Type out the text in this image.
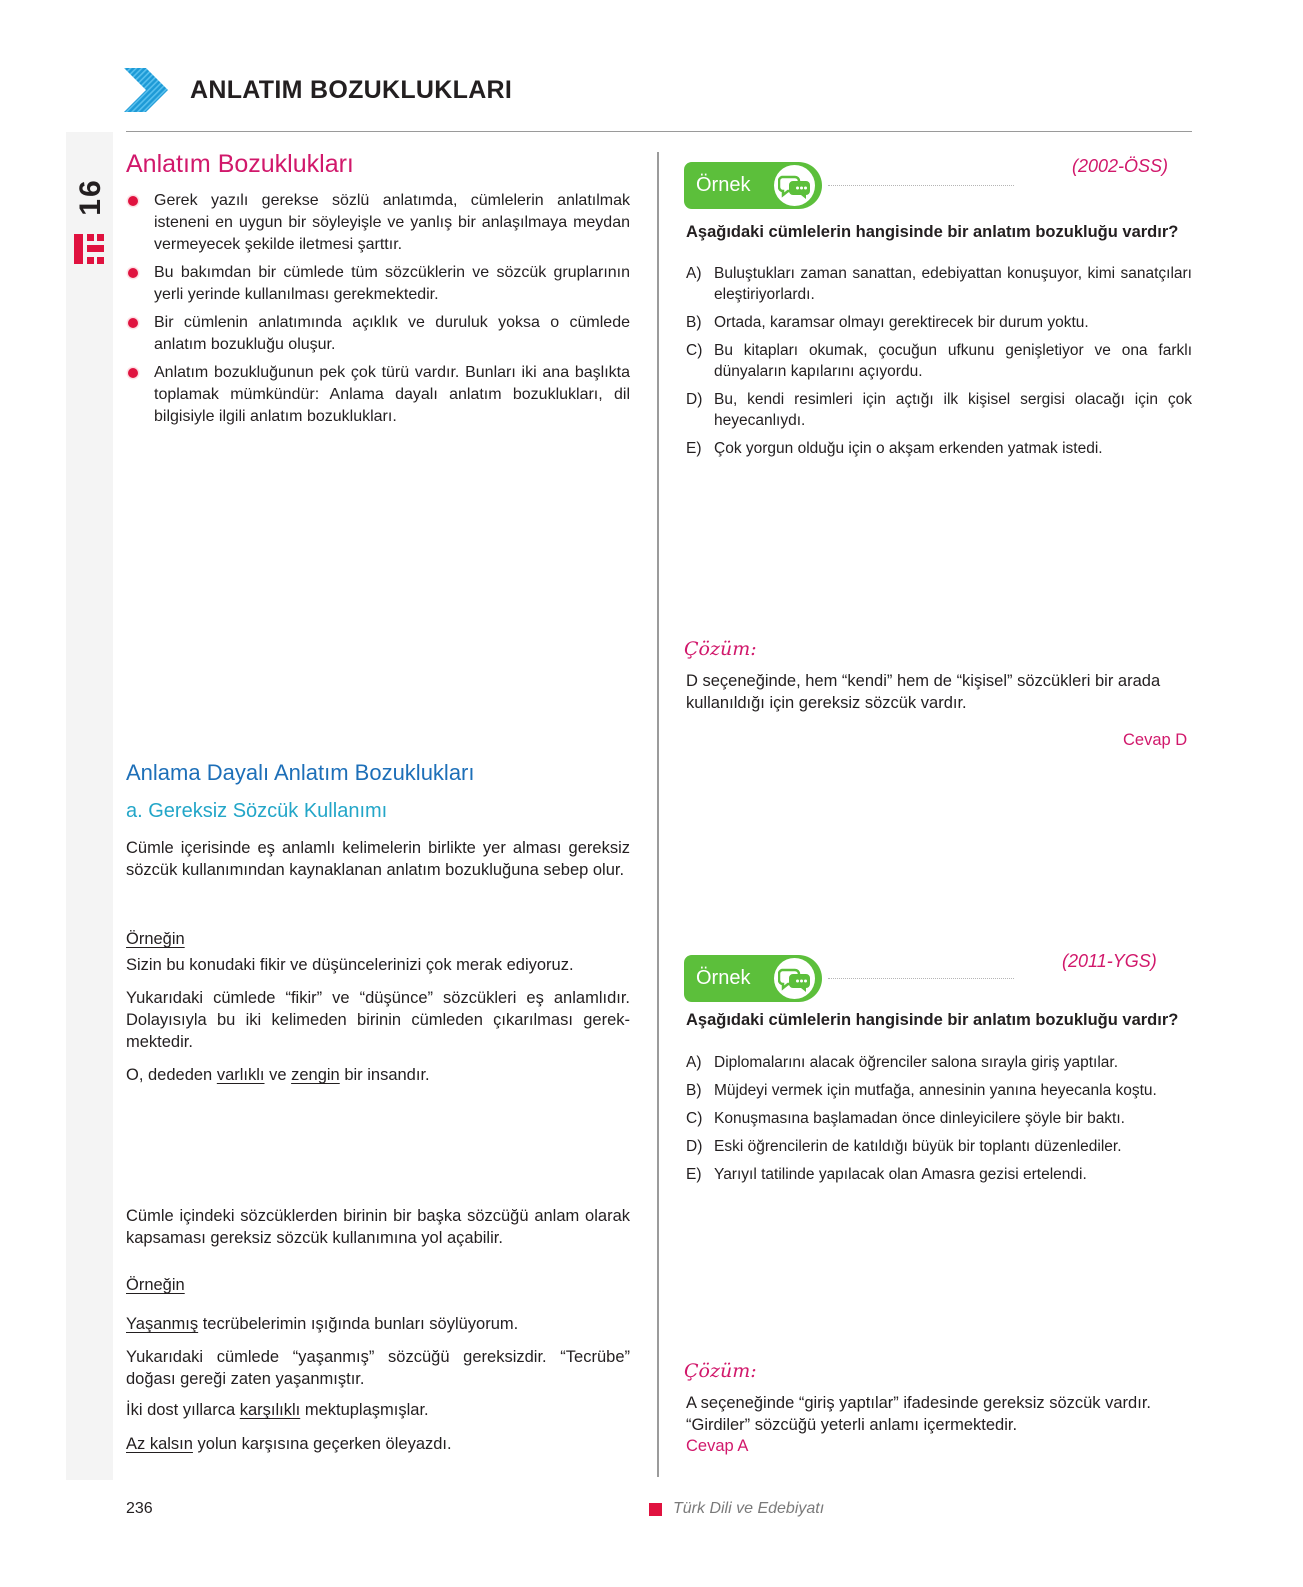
ANLATIM BOZUKLUKLARI
16
Anlatım Bozuklukları
Gerek yazılı gerekse sözlü anlatımda, cümlelerin anlatılmak isteneni en uygun bir söyleyişle ve yanlış bir anlaşılmaya meydan vermeyecek şekilde iletmesi şarttır.
Bu bakımdan bir cümlede tüm sözcüklerin ve sözcük gruplarının yerli yerinde kullanılması gerekmektedir.
Bir cümlenin anlatımında açıklık ve duruluk yoksa o cümlede anlatım bozukluğu oluşur.
Anlatım bozukluğunun pek çok türü vardır. Bunları iki ana başlıkta toplamak mümkündür: Anlama dayalı anlatım bozuklukları, dil bilgisiyle ilgili anlatım bozuklukları.
Anlama Dayalı Anlatım Bozuklukları
a. Gereksiz Sözcük Kullanımı
Cümle içerisinde eş anlamlı kelimelerin birlikte yer alması gereksiz sözcük kullanımından kaynaklanan anlatım bozukluğuna sebep olur.
Örneğin
Sizin bu konudaki fikir ve düşüncelerinizi çok merak ediyoruz.
Yukarıdaki cümlede “fikir” ve “düşünce” sözcükleri eş anlamlıdır. Dolayısıyla bu iki kelimeden birinin cümleden çıkarılması gerekmektedir.
O, dededen varlıklı ve zengin bir insandır.
Cümle içindeki sözcüklerden birinin bir başka sözcüğü anlam olarak kapsaması gereksiz sözcük kullanımına yol açabilir.
Örneğin
Yaşanmış tecrübelerimin ışığında bunları söylüyorum.
Yukarıdaki cümlede “yaşanmış” sözcüğü gereksizdir. “Tecrübe” doğası gereği zaten yaşanmıştır.
İki dost yıllarca karşılıklı mektuplaşmışlar.
Az kalsın yolun karşısına geçerken öleyazdı.
Örnek
(2002-ÖSS)
Aşağıdaki cümlelerin hangisinde bir anlatım bozukluğu vardır?
A) Buluştukları zaman sanattan, edebiyattan konuşuyor, kimi sanatçıları eleştiriyorlardı.
B) Ortada, karamsar olmayı gerektirecek bir durum yoktu.
C) Bu kitapları okumak, çocuğun ufkunu genişletiyor ve ona farklı dünyaların kapılarını açıyordu.
D) Bu, kendi resimleri için açtığı ilk kişisel sergisi olacağı için çok heyecanlıydı.
E) Çok yorgun olduğu için o akşam erkenden yatmak istedi.
Çözüm:
D seçeneğinde, hem “kendi” hem de “kişisel” sözcükleri bir arada kullanıldığı için gereksiz sözcük vardır.
Cevap D
Örnek
(2011-YGS)
Aşağıdaki cümlelerin hangisinde bir anlatım bozukluğu vardır?
A) Diplomalarını alacak öğrenciler salona sırayla giriş yaptılar.
B) Müjdeyi vermek için mutfağa, annesinin yanına heyecanla koştu.
C) Konuşmasına başlamadan önce dinleyicilere şöyle bir baktı.
D) Eski öğrencilerin de katıldığı büyük bir toplantı düzenlediler.
E) Yarıyıl tatilinde yapılacak olan Amasra gezisi ertelendi.
Çözüm:
A seçeneğinde “giriş yaptılar” ifadesinde gereksiz sözcük vardır. “Girdiler” sözcüğü yeterli anlamı içermektedir.
Cevap A
236	Türk Dili ve Edebiyatı
